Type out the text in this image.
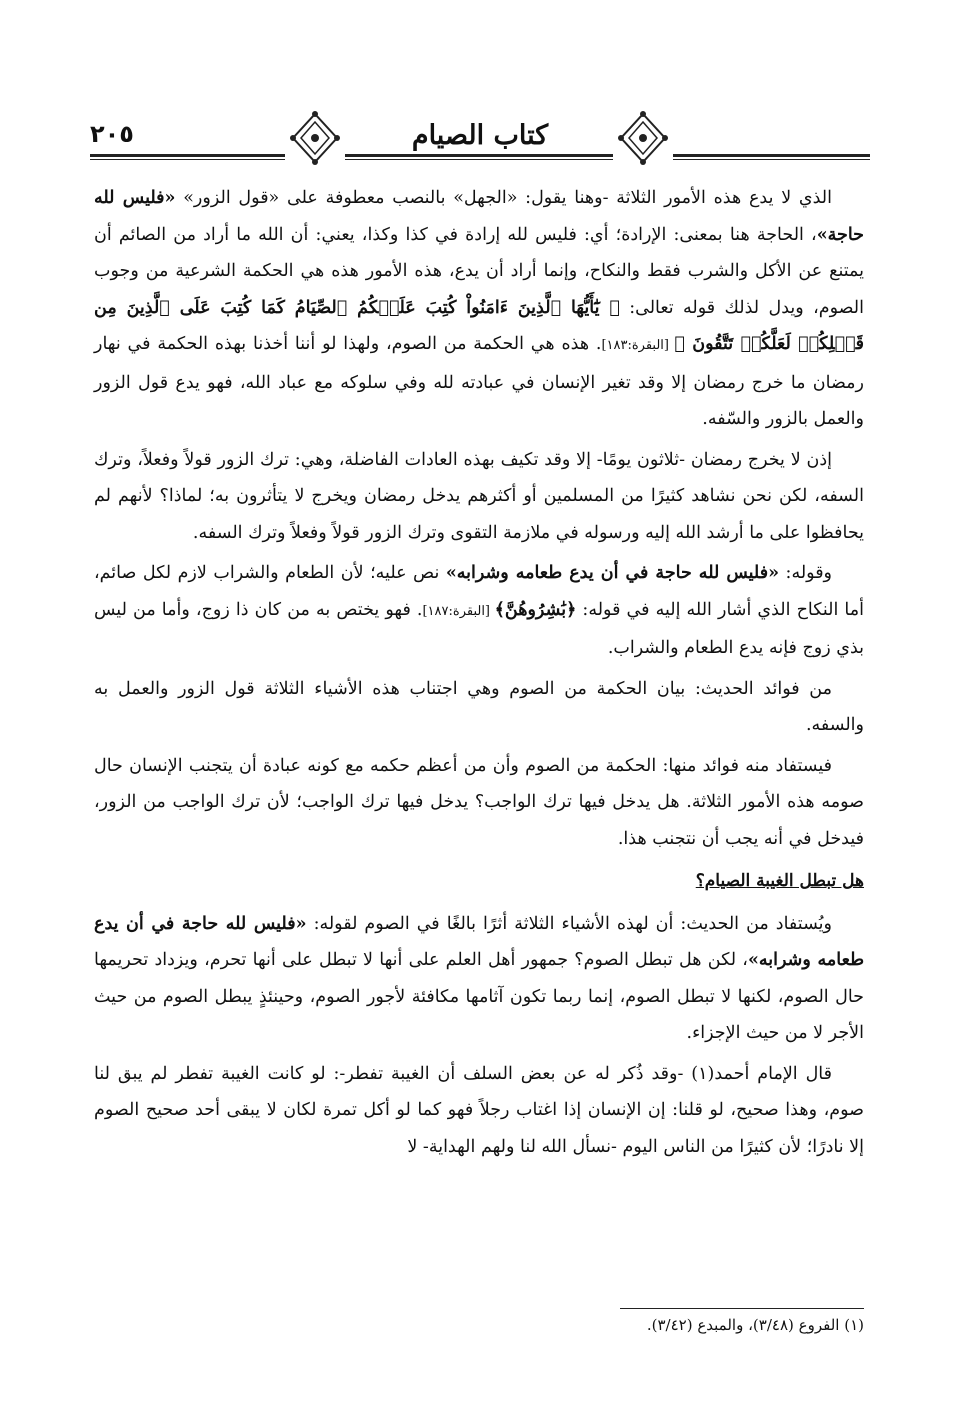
٢٠٥	كتاب الصيام

الذي لا يدع هذه الأمور الثلاثة -وهنا يقول: «الجهل» بالنصب معطوفة على «قول الزور» «فليس لله حاجة»، الحاجة هنا بمعنى: الإرادة؛ أي: فليس لله إرادة في كذا وكذا، يعني: أن الله ما أراد من الصائم أن يمتنع عن الأكل والشرب فقط والنكاح، وإنما أراد أن يدع، هذه الأمور هذه هي الحكمة الشرعية من وجوب الصوم، ويدل لذلك قوله تعالى: ﴿ يَٰٓأَيُّهَا ٱلَّذِينَ ءَامَنُواْ كُتِبَ عَلَيۡكُمُ ٱلصِّيَامُ كَمَا كُتِبَ عَلَى ٱلَّذِينَ مِن قَبۡلِكُمۡ لَعَلَّكُمۡ تَتَّقُونَ ﴾ [البقرة:١٨٣]. هذه هي الحكمة من الصوم، ولهذا لو أننا أخذنا بهذه الحكمة في نهار رمضان ما خرج رمضان إلا وقد تغير الإنسان في عبادته لله وفي سلوكه مع عباد الله، فهو يدع قول الزور والعمل بالزور والسّفه.

إذن لا يخرج رمضان -ثلاثون يومًا- إلا وقد تكيف بهذه العادات الفاضلة، وهي: ترك الزور قولاً وفعلاً، وترك السفه، لكن نحن نشاهد كثيرًا من المسلمين أو أكثرهم يدخل رمضان ويخرج لا يتأثرون به؛ لماذا؟ لأنهم لم يحافظوا على ما أرشد الله إليه ورسوله في ملازمة التقوى وترك الزور قولاً وفعلاً وترك السفه.

وقوله: «فليس لله حاجة في أن يدع طعامه وشرابه» نص عليه؛ لأن الطعام والشراب لازم لكل صائم، أما النكاح الذي أشار الله إليه في قوله: ﴿بَٰشِرُوهُنَّ﴾ [البقرة:١٨٧]. فهو يختص به من كان ذا زوج، وأما من ليس بذي زوج فإنه يدع الطعام والشراب.

من فوائد الحديث: بيان الحكمة من الصوم وهي اجتناب هذه الأشياء الثلاثة قول الزور والعمل به والسفه.

فيستفاد منه فوائد منها: الحكمة من الصوم وأن من أعظم حكمه مع كونه عبادة أن يتجنب الإنسان حال صومه هذه الأمور الثلاثة. هل يدخل فيها ترك الواجب؟ يدخل فيها ترك الواجب؛ لأن ترك الواجب من الزور، فيدخل في أنه يجب أن نتجنب هذا.

هل تبطل الغيبة الصيام؟

ويُستفاد من الحديث: أن لهذه الأشياء الثلاثة أثرًا بالغًا في الصوم لقوله: «فليس لله حاجة في أن يدع طعامه وشرابه»، لكن هل تبطل الصوم؟ جمهور أهل العلم على أنها لا تبطل على أنها تحرم، ويزداد تحريمها حال الصوم، لكنها لا تبطل الصوم، إنما ربما تكون آثامها مكافئة لأجور الصوم، وحينئذٍ يبطل الصوم من حيث الأجر لا من حيث الإجزاء.

قال الإمام أحمد(١) -وقد ذُكر له عن بعض السلف أن الغيبة تفطر-: لو كانت الغيبة تفطر لم يبق لنا صوم، وهذا صحيح، لو قلنا: إن الإنسان إذا اغتاب رجلاً فهو كما لو أكل تمرة لكان لا يبقى أحد صحيح الصوم إلا نادرًا؛ لأن كثيرًا من الناس اليوم -نسأل الله لنا ولهم الهداية- لا

(١) الفروع (٣/٤٨)، والمبدع (٣/٤٢).
